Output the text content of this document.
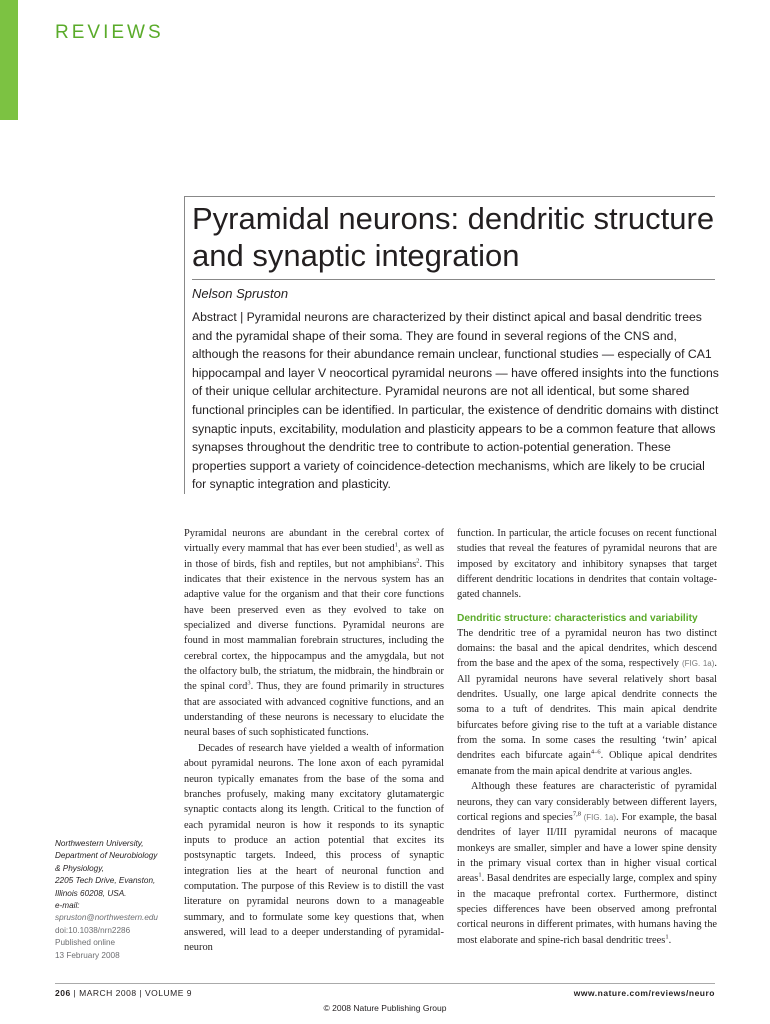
REVIEWS
Pyramidal neurons: dendritic structure and synaptic integration
Nelson Spruston
Abstract | Pyramidal neurons are characterized by their distinct apical and basal dendritic trees and the pyramidal shape of their soma. They are found in several regions of the CNS and, although the reasons for their abundance remain unclear, functional studies — especially of CA1 hippocampal and layer V neocortical pyramidal neurons — have offered insights into the functions of their unique cellular architecture. Pyramidal neurons are not all identical, but some shared functional principles can be identified. In particular, the existence of dendritic domains with distinct synaptic inputs, excitability, modulation and plasticity appears to be a common feature that allows synapses throughout the dendritic tree to contribute to action-potential generation. These properties support a variety of coincidence-detection mechanisms, which are likely to be crucial for synaptic integration and plasticity.

Pyramidal neurons are abundant in the cerebral cortex of virtually every mammal that has ever been studied$^1$, as well as in those of birds, fish and reptiles, but not amphibians$^2$. This indicates that their existence in the nervous system has an adaptive value for the organism and that their core functions have been preserved even as they evolved to take on specialized and diverse functions. Pyramidal neurons are found in most mammalian forebrain structures, including the cerebral cortex, the hippocampus and the amygdala, but not the olfactory bulb, the striatum, the midbrain, the hindbrain or the spinal cord$^3$. Thus, they are found primarily in structures that are associated with advanced cognitive functions, and an understanding of these neurons is necessary to elucidate the neural bases of such sophisticated functions.

Decades of research have yielded a wealth of information about pyramidal neurons. The lone axon of each pyramidal neuron typically emanates from the base of the soma and branches profusely, making many excitatory glutamatergic synaptic contacts along its length. Critical to the function of each pyramidal neuron is how it responds to its synaptic inputs to produce an action potential that excites its postsynaptic targets. Indeed, this process of synaptic integration lies at the heart of neuronal function and computation. The purpose of this Review is to distill the vast literature on pyramidal neurons down to a manageable summary, and to formulate some key questions that, when answered, will lead to a deeper understanding of pyramidal-neuron

function. In particular, the article focuses on recent functional studies that reveal the features of pyramidal neurons that are imposed by excitatory and inhibitory synapses that target different dendritic locations in dendrites that contain voltage-gated channels.

Dendritic structure: characteristics and variability

The dendritic tree of a pyramidal neuron has two distinct domains: the basal and the apical dendrites, which descend from the base and the apex of the soma, respectively (FIG. 1a). All pyramidal neurons have several relatively short basal dendrites. Usually, one large apical dendrite connects the soma to a tuft of dendrites. This main apical dendrite bifurcates before giving rise to the tuft at a variable distance from the soma. In some cases the resulting ‘twin’ apical dendrites each bifurcate again$^{4-6}$. Oblique apical dendrites emanate from the main apical dendrite at various angles.

Although these features are characteristic of pyramidal neurons, they can vary considerably between different layers, cortical regions and species$^{7,8}$ (FIG. 1a). For example, the basal dendrites of layer II/III pyramidal neurons of macaque monkeys are smaller, simpler and have a lower spine density in the primary visual cortex than in higher visual cortical areas$^1$. Basal dendrites are especially large, complex and spiny in the macaque prefrontal cortex. Furthermore, distinct species differences have been observed among prefrontal cortical neurons in different primates, with humans having the most elaborate and spine-rich basal dendritic trees$^1$.

Northwestern University,
Department of Neurobiology
& Physiology,
2205 Tech Drive, Evanston,
Illinois 60208, USA.
e-mail:
spruston@northwestern.edu
doi:10.1038/nrn2286
Published online
13 February 2008
206 | MARCH 2008 | VOLUME 9	www.nature.com/reviews/neuro
© 2008 Nature Publishing Group
